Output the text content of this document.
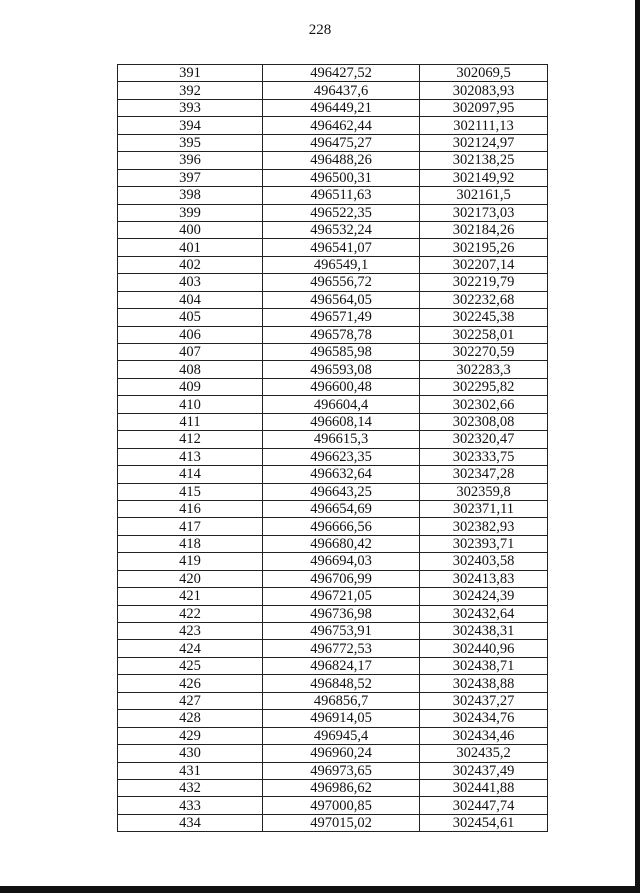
228
391	496427,52	302069,5
392	496437,6	302083,93
393	496449,21	302097,95
394	496462,44	302111,13
395	496475,27	302124,97
396	496488,26	302138,25
397	496500,31	302149,92
398	496511,63	302161,5
399	496522,35	302173,03
400	496532,24	302184,26
401	496541,07	302195,26
402	496549,1	302207,14
403	496556,72	302219,79
404	496564,05	302232,68
405	496571,49	302245,38
406	496578,78	302258,01
407	496585,98	302270,59
408	496593,08	302283,3
409	496600,48	302295,82
410	496604,4	302302,66
411	496608,14	302308,08
412	496615,3	302320,47
413	496623,35	302333,75
414	496632,64	302347,28
415	496643,25	302359,8
416	496654,69	302371,11
417	496666,56	302382,93
418	496680,42	302393,71
419	496694,03	302403,58
420	496706,99	302413,83
421	496721,05	302424,39
422	496736,98	302432,64
423	496753,91	302438,31
424	496772,53	302440,96
425	496824,17	302438,71
426	496848,52	302438,88
427	496856,7	302437,27
428	496914,05	302434,76
429	496945,4	302434,46
430	496960,24	302435,2
431	496973,65	302437,49
432	496986,62	302441,88
433	497000,85	302447,74
434	497015,02	302454,61
